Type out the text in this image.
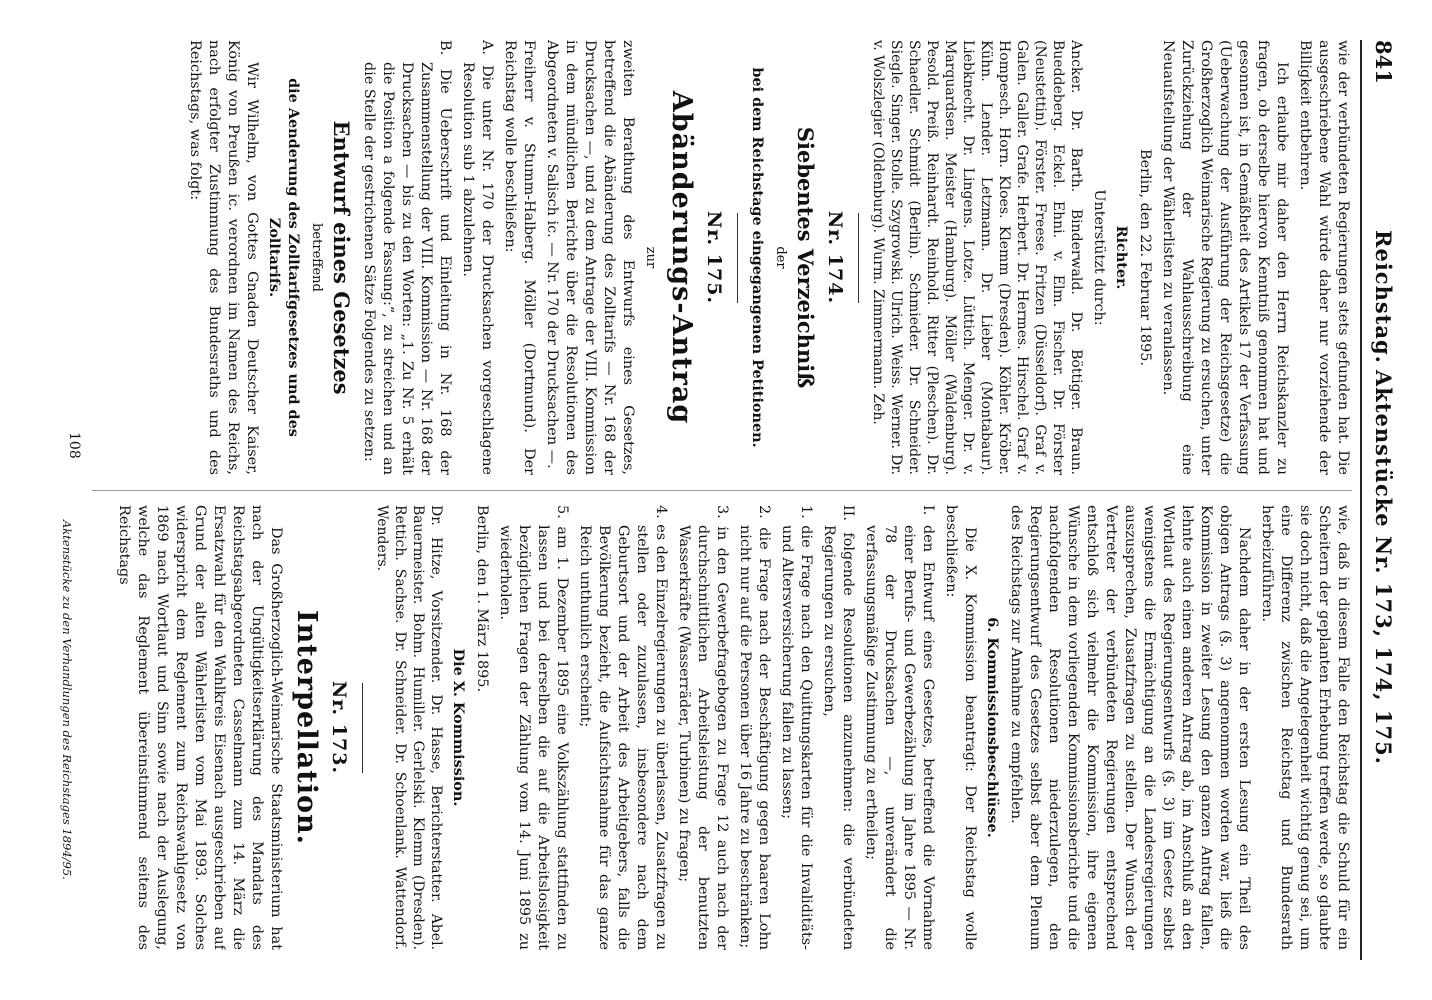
841
Reichstag.
Aktenstücke Nr. 173, 174, 175.

wie der verbündeten Regierungen stets gefunden hat. Die ausgeschriebene Wahl würde daher nur vorziehende der Billigkeit entbehren.

Ich erlaube mir daher den Herrn Reichskanzler zu fragen, ob derselbe hiervon Kenntniß genommen hat und gesonnen ist, in Gemäßheit des Artikels 17 der Verfassung (Ueberwachung der Ausführung der Reichsgesetze) die Großherzoglich Weimarische Regierung zu ersuchen, unter Zurückziehung der Wahlausschreibung eine Neuaufstellung der Wählerlisten zu veranlassen.

Berlin, den 22. Februar 1895.

Richter.

Unterstützt durch:

Ancker. Dr. Barth. Binderwald. Dr. Böttiger. Braun. Bueddeberg. Eckel. Ehni. v. Elm. Fischer. Dr. Förster (Neustettin). Förster. Freese. Fritzen (Düsseldorf). Graf v. Galen. Galler. Grafe. Herbert. Dr. Hermes. Hirschel. Graf v. Hompesch. Horn. Kloes. Klemm (Dresden). Köhler. Kröber. Kühn. Lender. Letzmann. Dr. Lieber (Montabaur). Liebknecht. Dr. Lingens. Lotze. Lüttich. Menger. Dr. v. Marquardsen. Meister (Hamburg). Möller (Waldenburg). Pesold. Preiß. Reinhardt. Reinhold. Ritter (Pleschen). Dr. Schaedler. Schmidt (Berlin). Schmieder. Dr. Schneider. Siegle. Singer. Stolle. Szygrowski. Ulrich. Weiss. Werner. Dr. v. Wolszlegier (Oldenburg). Wurm. Zimmermann. Zeh.

Nr. 174.
Siebentes Verzeichniß

der

bei dem Reichstage eingegangenen Petitionen.

Nr. 175.
Abänderungs-Antrag

zur

zweiten Berathung des Entwurfs eines Gesetzes, betreffend die Abänderung des Zolltarifs — Nr. 168 der Drucksachen —, und zu dem Antrage der VIII. Kommission in dem mündlichen Berichte über die Resolutionen des Abgeordneten v. Salisch ic. — Nr. 170 der Drucksachen —.

Freiherr v. Stumm-Halberg. Möller (Dortmund). Der Reichstag wolle beschließen:

A. Die unter Nr. 170 der Drucksachen vorgeschlagene Resolution sub 1 abzulehnen.

B. Die Ueberschrift und Einleitung in Nr. 168 der Zusammenstellung der VIII. Kommission — Nr. 168 der Drucksachen — bis zu den Worten: „1. Zu Nr. 5 erhält die Position a folgende Fassung:“, zu streichen und an die Stelle der gestrichenen Sätze Folgendes zu setzen:

Entwurf eines Gesetzes

betreffend

die Aenderung des Zolltarifgesetzes und des Zolltarifs.

Wir Wilhelm, von Gottes Gnaden Deutscher Kaiser, König von Preußen ic. verordnen im Namen des Reichs, nach erfolgter Zustimmung des Bundesraths und des Reichstags, was folgt:

wie, daß in diesem Falle den Reichstag die Schuld für ein Scheitern der geplanten Erhebung treffen werde, so glaubte sie doch nicht, daß die Angelegenheit wichtig genug sei, um eine Differenz zwischen Reichstag und Bundesrath herbeizuführen.

Nachdem daher in der ersten Lesung ein Theil des obigen Antrags (§. 3) angenommen worden war, ließ die Kommission in zweiter Lesung den ganzen Antrag fallen, lehnte auch einen anderen Antrag ab, im Anschluß an den Wortlaut des Regierungsentwurfs (§. 3) im Gesetz selbst wenigstens die Ermächtigung an die Landesregierungen auszusprechen, Zusatzfragen zu stellen. Der Wunsch der Vertreter der verbündeten Regierungen entsprechend entschloß sich vielmehr die Kommission, ihre eigenen Wünsche in dem vorliegenden Kommissionsberichte und die nachfolgenden Resolutionen niederzulegen, den Regierungsentwurf des Gesetzes selbst aber dem Plenum des Reichstags zur Annahme zu empfehlen.

6. Kommissionsbeschlüsse.

Die X. Kommission beantragt: Der Reichstag wolle beschließen:

I. den Entwurf eines Gesetzes, betreffend die Vornahme einer Berufs- und Gewerbezählung im Jahre 1895 — Nr. 78 der Drucksachen —, unverändert die verfassungsmäßige Zustimmung zu ertheilen;

II. folgende Resolutionen anzunehmen: die verbündeten Regierungen zu ersuchen,

1. die Frage nach den Quittungskarten für die Invaliditäts- und Altersversicherung fallen zu lassen;

2. die Frage nach der Beschäftigung gegen baaren Lohn nicht nur auf die Personen über 16 Jahre zu beschränken;

3. in den Gewerbefragebogen zu Frage 12 auch nach der durchschnittlichen Arbeitsleistung der benutzten Wasserkräfte (Wasserräder, Turbinen) zu fragen;

4. es den Einzelregierungen zu überlassen, Zusatzfragen zu stellen oder zuzulassen, insbesondere nach dem Geburtsort und der Arbeit des Arbeitgebers, falls die Bevölkerung bezieht, die Aufsichtsnahme für das ganze Reich unthunlich erscheint;

5. am 1. Dezember 1895 eine Volkszählung stattfinden zu lassen und bei derselben die auf die Arbeitslosigkeit bezüglichen Fragen der Zählung vom 14. Juni 1895 zu wiederholen.

Berlin, den 1. März 1895.

Die X. Kommission.

Dr. Hitze, Vorsitzender. Dr. Hasse, Berichterstatter. Abel. Bauermeister. Bohm. Humiller. Gerlelski. Klemm (Dresden). Rettich. Sachse. Dr. Schneider. Dr. Schoenlank. Wattendorf. Wenders.

Nr. 173.
Interpellation.

Das Großherzoglich-Weimarische Staatsministerium hat nach der Ungültigkeitserklärung des Mandats des Reichstagsabgeordneten Casselmann zum 14. März die Ersatzwahl für den Wahlkreis Eisenach ausgeschrieben auf Grund der alten Wählerlisten vom Mai 1893. Solches widerspricht dem Reglement zum Reichswahlgesetz von 1869 nach Wortlaut und Sinn sowie nach der Auslegung, welche das Reglement übereinstimmend seitens des Reichstags

108
Aktenstücke zu den Verhandlungen des Reichstages 1894/95.
